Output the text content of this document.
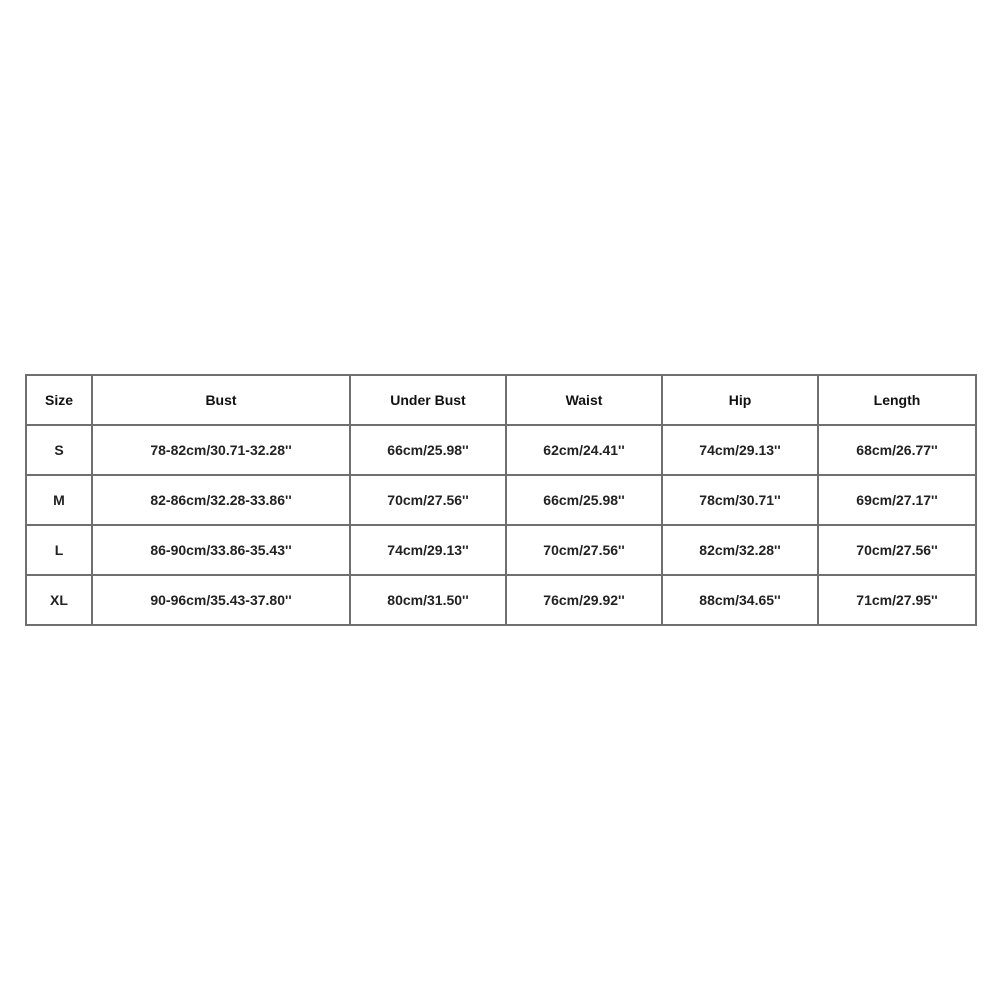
Size	Bust	Under Bust	Waist	Hip	Length
S	78-82cm/30.71-32.28''	66cm/25.98''	62cm/24.41''	74cm/29.13''	68cm/26.77''
M	82-86cm/32.28-33.86''	70cm/27.56''	66cm/25.98''	78cm/30.71''	69cm/27.17''
L	86-90cm/33.86-35.43''	74cm/29.13''	70cm/27.56''	82cm/32.28''	70cm/27.56''
XL	90-96cm/35.43-37.80''	80cm/31.50''	76cm/29.92''	88cm/34.65''	71cm/27.95''
